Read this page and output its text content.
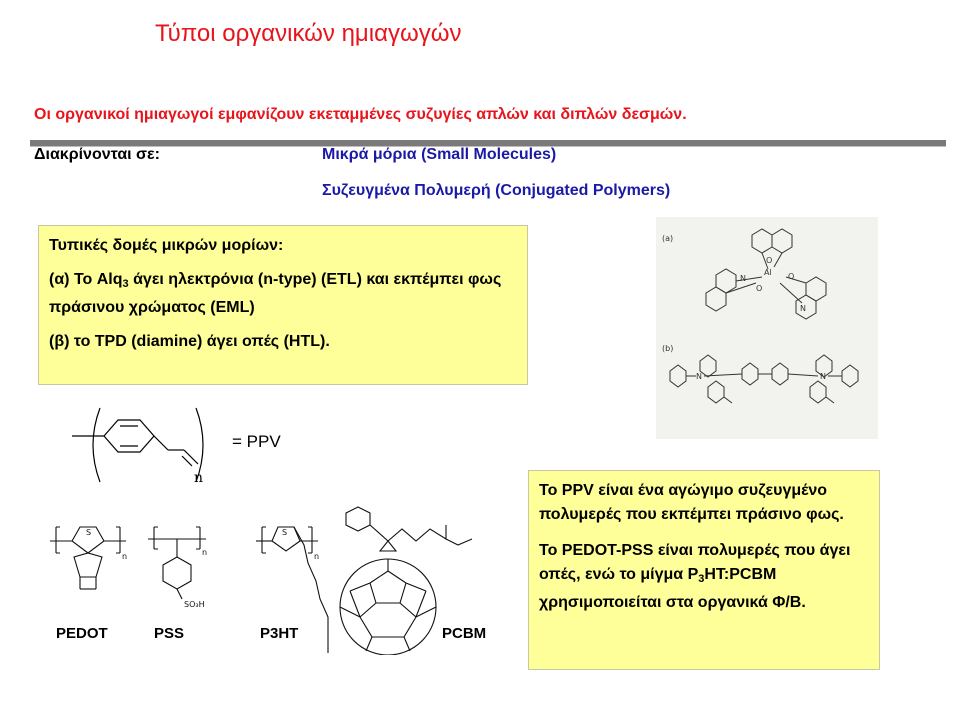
Τύποι οργανικών ημιαγωγών
Οι οργανικοί ημιαγωγοί εμφανίζουν εκεταμμένες συζυγίες απλών και διπλών δεσμών.
Διακρίνονται σε:	Μικρά μόρια (Small Molecules)
Συζευγμένα Πολυμερή (Conjugated Polymers)

Τυπικές δομές μικρών μορίων:

(α) Το Alq$_3$ άγει ηλεκτρόνια (n-type) (ETL) και εκπέμπει φως πράσινου χρώματος (EML)

(β) το TPD (diamine) άγει οπές (HTL).

(a)
(b)
Al
O
N	O
O
N
N	N
n
= PPV
S
n	n
SO₃H
S
n
PEDOT	PSS	P3HT	PCBM

Το PPV είναι ένα αγώγιμο συζευγμένο πολυμερές που εκπέμπει πράσινο φως.

Το PEDOT-PSS είναι πολυμερές που άγει οπές, ενώ το μίγμα $P_3HT:PCBM$ χρησιμοποιείται στα οργανικά Φ/Β.
